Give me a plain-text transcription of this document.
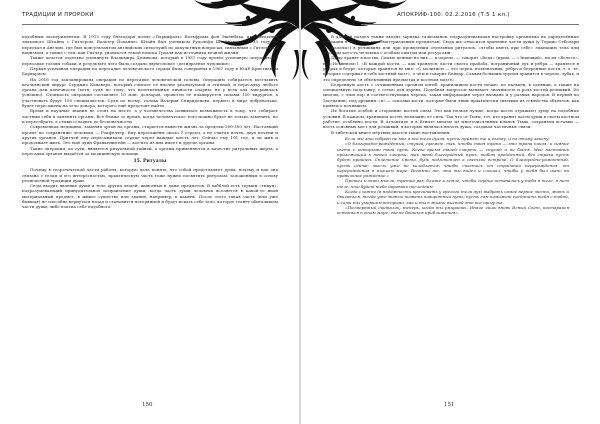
ТРАДИЦИИ И ПРОРОКИ

подобным экспериментам. В 1915 году благодаря поэме «Парцифаль» Вольфрама фон Эшенбаха, произведению знакомого Штайна с Гитлером. Вальтер Йоханнес Штайн был учеником Рудольфа Штайнера. В 1933 году он переехал в Англию, где был консультантом английских спецслужб по оккультным вопросам, связанным с Гитлером и нацизмом, а также с тем, как Гитлер, увлекался темой поиска Грааля как источника вечной жизни.

Также хочется отдельно упомянуть Владимира Демихова, который в 1937 году провёл успешную операцию по пересадке головы собаки, в результате чего было создано двухголовое «дегидратное чудовище».

Первая успешная операция по пересадке человеческого сердца была совершена в 1967 году в ЮАР Кристианом Барнардом.

На 2016 год запланирована операция по пересадке человеческой головы. Операцию собирается возглавить итальянский хирург Серджио Канаверо, который считает её вполне реализуемой и этичной, и пересадку любого органа или конечности (хотя, судя по тому, что нелегитимные личности спорны, не у всех она завершилась успешно). Стоимость операции составляет 10 млн. долларов, провести её планируется силами 150 хирургов, а участвовать будут 150 специалистов. Судя по всему, голова Валерия Спиридонова, первого в мире добровольца, будет пересажена на тело донора, которого ещё предстоит найти.

Время и научные знания не стоят на месте, а у человечества появилась возможность к тому, что собирает частями себя и заменять органы. Всё ближе то время, когда человеческое тело можно будет не только заменить, но и пересобрать, а стыки сгладить до бесконечности.

Современная медицина, заменяя орган на органы, старается вывести жизнь за пределы 200-300 лет. Настоящий проект по сохранению человека — Рокфеллер. Ему пересажены около 7 сердец, а не считая почек, двух печени и других органов. Притчей ему пересаживали сердце через каждые шесть лет. Сейчас ему 101 год, и он жив и продолжает жить. Это ещё один Франкенштейн — кое-кто из них имеет и другие органы.

Такие операции, по сути, являются ритуальной тайной, а органы применяются в качестве ритуальных жертв, а пересадка органов выдаётся за медицинскую помощь.

15. Ритуалы

Почему в теоретической части работы, которую дала понять, что собой представляет душа, почему и как она связана с телом и его интересностью, практическую часть тоже нужно посвятить ритуалам, заложенным в основу религиозной традиции души.

Сюда входит явление души в теле других людей, животных и даже предметов. В хабблой есть термин «тикун», подразумевающий принудительное исправление души, когда часть души человека вселяется в какой-то иной материальный предмет, в живое существо или здание, например, в камень. После этого такая часть (или уже бывшая) не способна вернуться назад и становится потерянной и будет искать себе тело, которое станет обиталищем части души, либо поиска себе подобного.

150
АПОКРИФ-100: 02.2.2016 (Т.5 1 кл.)

В данный раздел также входят зарядка талисманов, подразумевающая настройку организма на определённые вибрации и передачу их нематериальным предметам. Сюда же относится хранение части души (у Терцио Себолари — «калачи») в реликвиях или при проведении отдельных ритуалов, «чтобы иметь при себе» эманацию тела или частицы кого-то человека с особым опытом или ресурсами.

Душу хранят в костях. Самые ценные из них — в черепе, — говорит «Веда» (прим. — «Знающий», на их «Велесе», на «Истинном»). «В каждой кости, — как хранятся: кости своего прабаба, пограничный дух и рёбра — хранятся в рёбрах и бедре, которые хранятся во мне: «С молитвою — это череп, позвоночник, рёбра и бедренные кости, т. е. те, которые содержат в себе костный мозг», о чём и говорит Бейдар. Самым большим трупом хранится в черепе, зубах, и это определено «в объективных предметах и костном мозге».

Бедренную кость с отчищенным органом изгиб, хранилищем кости ночью, из пальцев, в одеянии, а также на специальную подставку, с сетью для дерева. Подобная вопросом вызывает значимость и роль костей реликвий. Из многих, с этих пор и соответствующих черепа, такая информация через вызвана и у разных народов. В первой по Заседанию, под древним «я» — осколки кости, которые были лишь практически святыми из семейства объектов, как памяти о почившем.

Их богатые особой и сторонние костей силы. Это как нельзя лучше, когда кости отражают душу на подобные условия. В каждом, хранящем кости, возможно её сила. Так что от Тьмы, тот, кто хранит части души в своем костном рабстве, особенно кости. В Атлантиде и в Египте многие из многочисленных кланов Тьмы, сохраняли вставки — кость основных мест для реликвий, в которых являлась вплоть душа, создавая частичные связи.

В тибетской книге мёртвых даются такие наставления:

Если же это собрат не мог и все тела духов, пусть примет те и голову, и по этому закону:

«О благородно-рождённый, ступай, прежде, так, чтобы твоя тропа — это тропа покоя, и сияние света с которыми твой путь. Когда время твоей смерти — ступай и не бойся. Мой наставник прилежащий к твоей смерти, так твой благородный путь, тобою пройденный, без страха пусть будет пройден. Сплетение Света, будь подготовлен к светлой встрече. О благородно-рождённый, пусть сейчас мысль уже не колеблется, чтобы спастись от страданий перерождения, от перерождения в низшем мире. Вспомни то, что ты видел и слышал, чтобы у тебя был шанс на правильное рождение.»

Прошёл к этой мысли, третий раз, ближе к земле, чтобы сердце оставалось у тебя в теле, в том теле, что будет тебе даровано последним.

Когда сложно (в надёжности прочитать у зрелого тела дух) выбрать самое верное место, жить и двигаться, тогда уже можно позвать поворотный путь, пусть сам поможет соединить тебя с тобой, и сами ты умершим восприми, как и ты в жизни выстой это все прогулка.

«Посмертный скиталец, теперь, когда ты умираешь. Иначе лишь вновь Ясный Свет, постарайся остаться в этом мире, где не боишься приближения».

151
